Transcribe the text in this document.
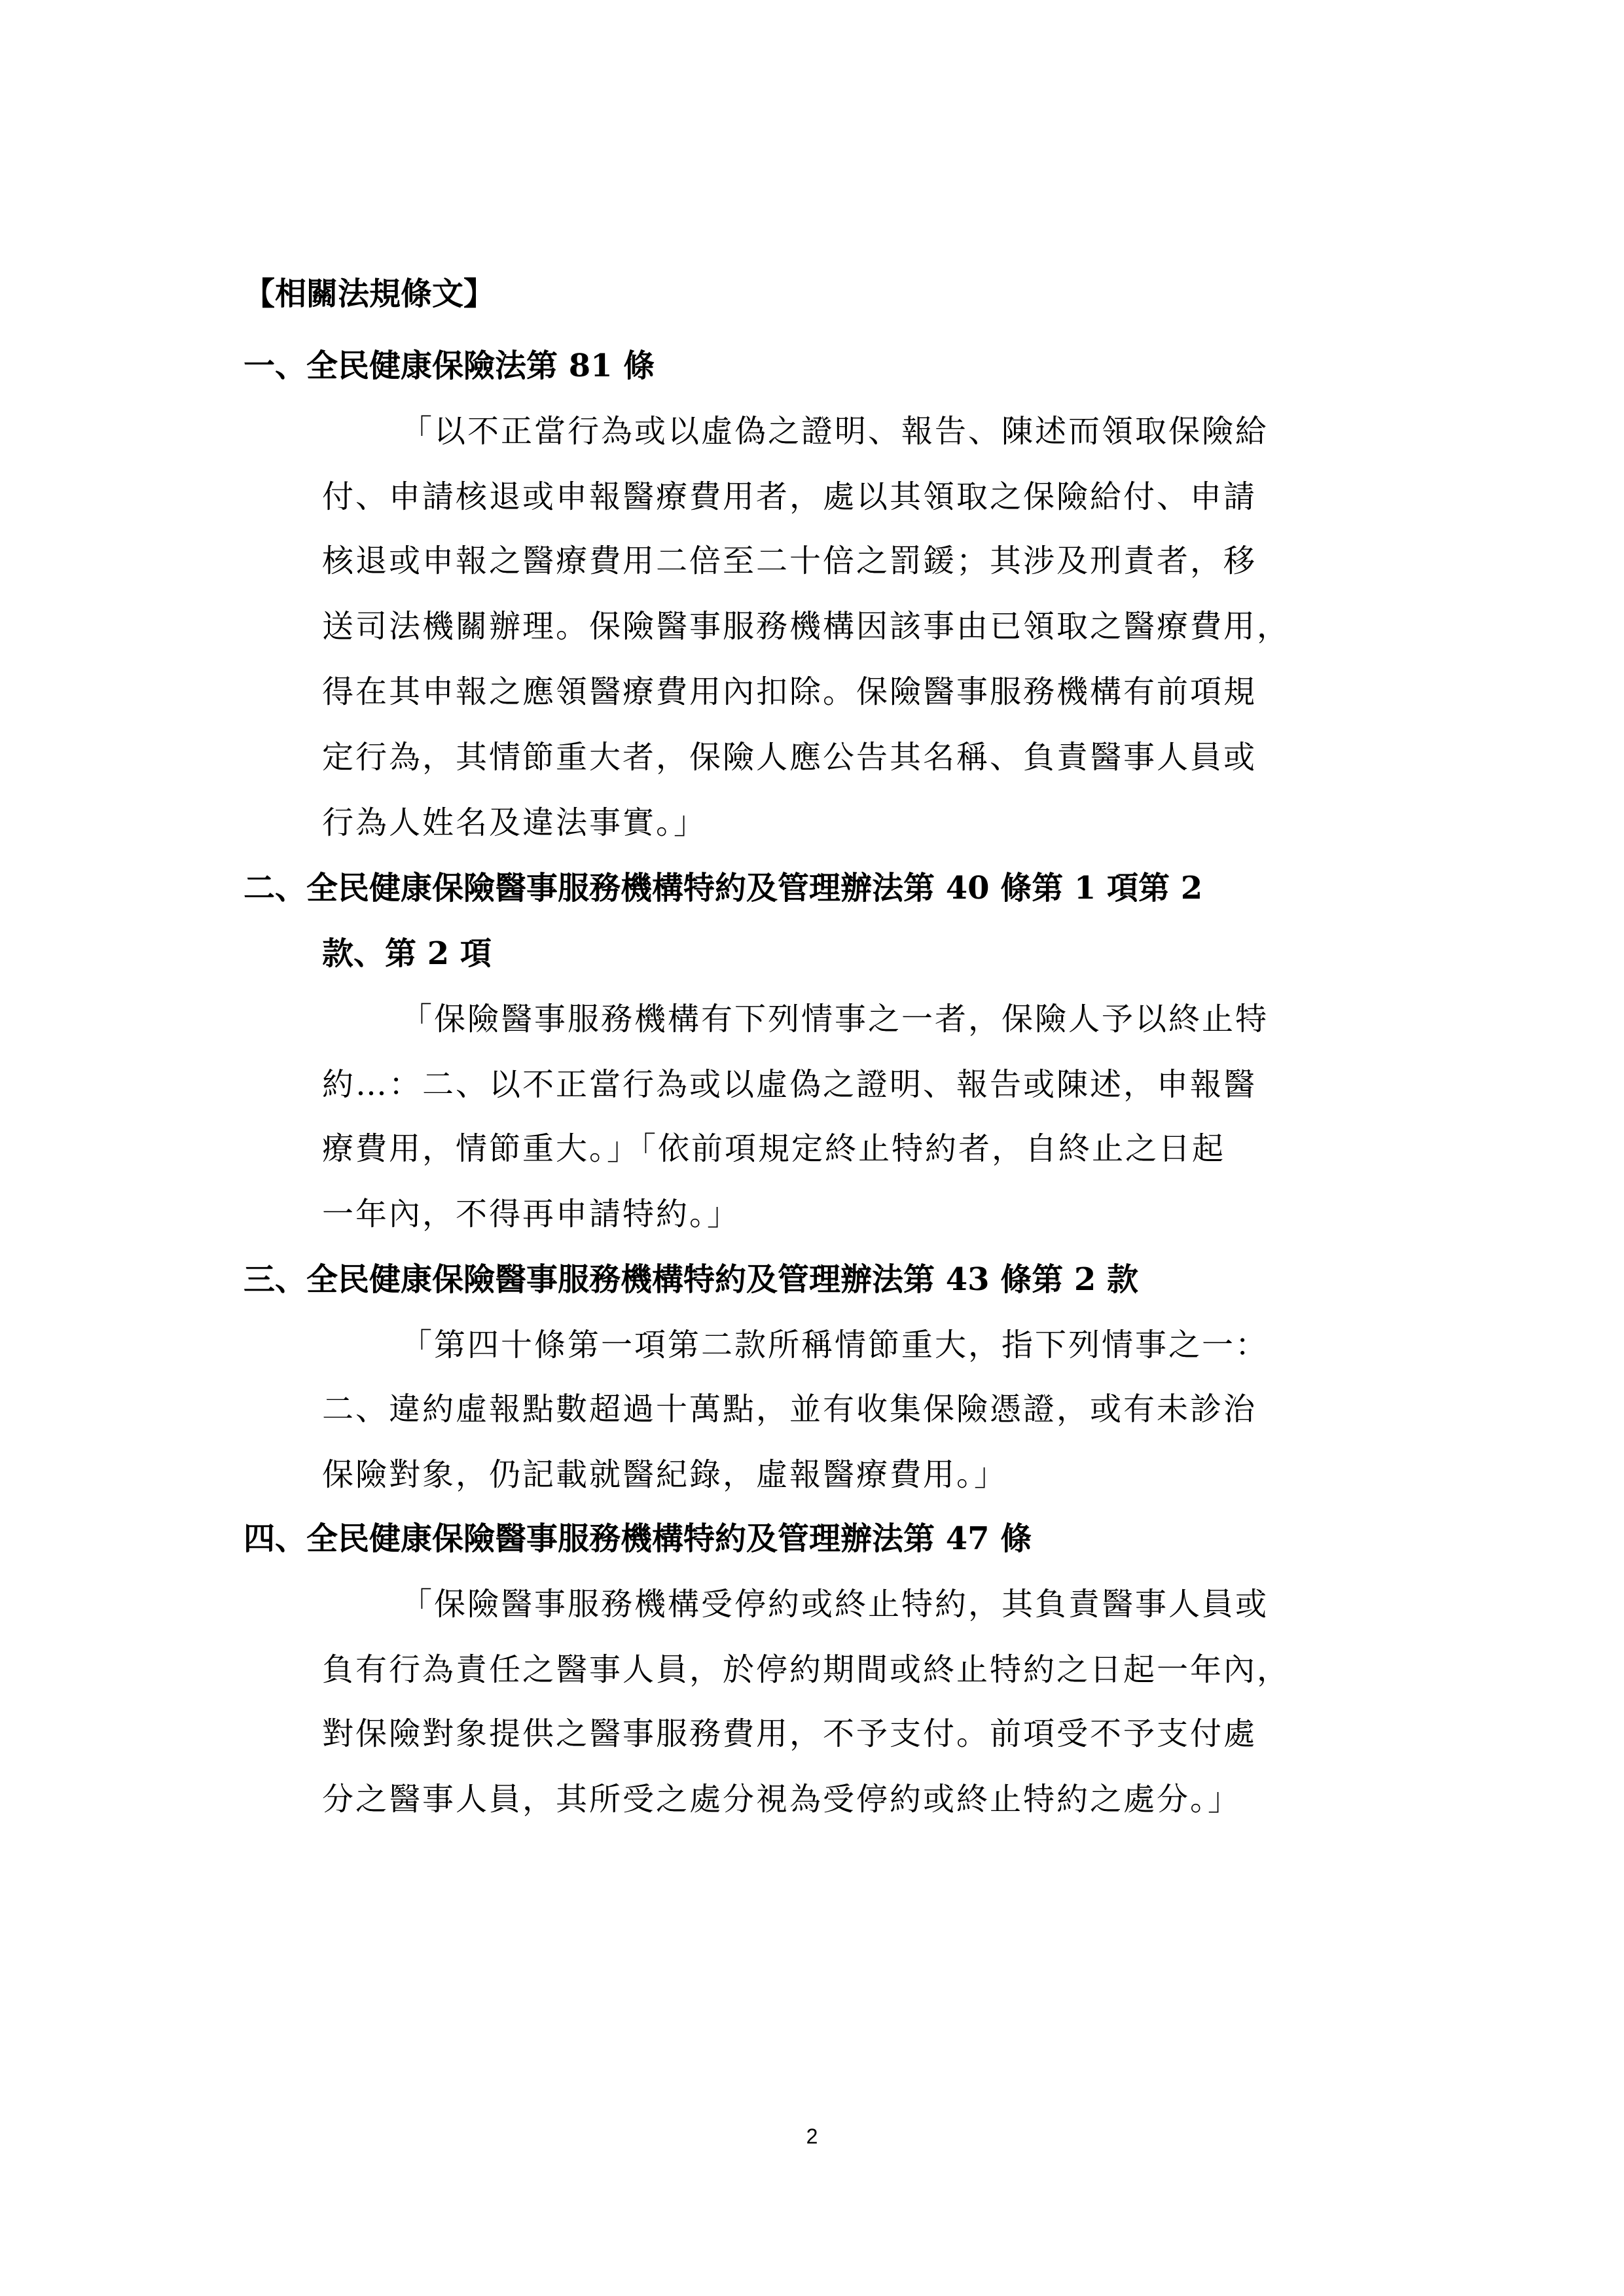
【相關法規條文】
一、全民健康保險法第 81 條
「以不正當行為或以虛偽之證明、報告、陳述而領取保險給
付、申請核退或申報醫療費用者，處以其領取之保險給付、申請
核退或申報之醫療費用二倍至二十倍之罰鍰；其涉及刑責者，移
送司法機關辦理。保險醫事服務機構因該事由已領取之醫療費用，
得在其申報之應領醫療費用內扣除。保險醫事服務機構有前項規
定行為，其情節重大者，保險人應公告其名稱、負責醫事人員或
行為人姓名及違法事實。」
二、全民健康保險醫事服務機構特約及管理辦法第 40 條第 1 項第 2
款、第 2 項
「保險醫事服務機構有下列情事之一者，保險人予以終止特
約…：二、以不正當行為或以虛偽之證明、報告或陳述，申報醫
療費用，情節重大。」「依前項規定終止特約者，自終止之日起
一年內，不得再申請特約。」
三、全民健康保險醫事服務機構特約及管理辦法第 43 條第 2 款
「第四十條第一項第二款所稱情節重大，指下列情事之一：
二、違約虛報點數超過十萬點，並有收集保險憑證，或有未診治
保險對象，仍記載就醫紀錄，虛報醫療費用。」
四、全民健康保險醫事服務機構特約及管理辦法第 47 條
「保險醫事服務機構受停約或終止特約，其負責醫事人員或
負有行為責任之醫事人員，於停約期間或終止特約之日起一年內，
對保險對象提供之醫事服務費用，不予支付。前項受不予支付處
分之醫事人員，其所受之處分視為受停約或終止特約之處分。」
2
